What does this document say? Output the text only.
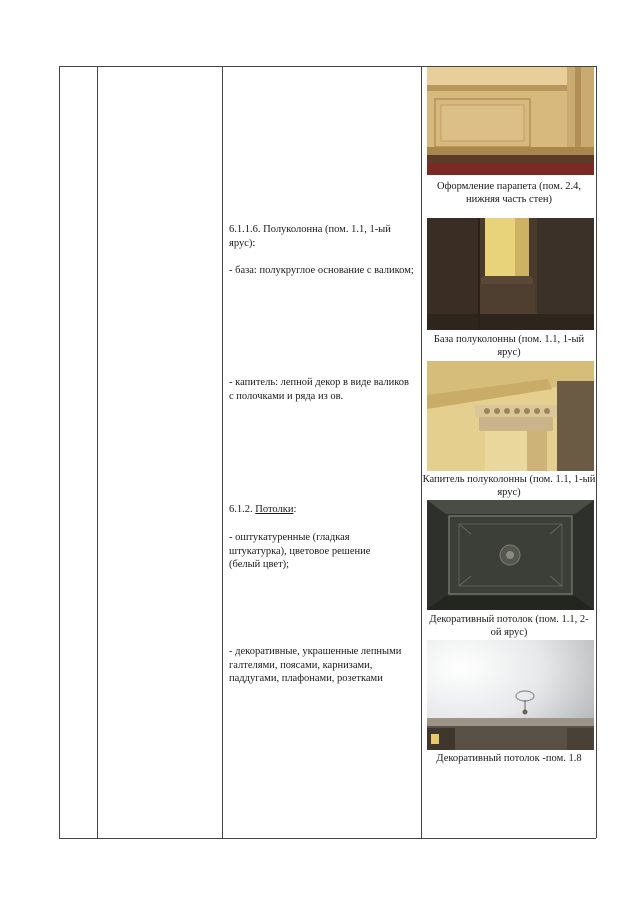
6.1.1.6. Полуколонна (пом. 1.1, 1-ый ярус):
- база: полукруглое основание с валиком;
- капитель: лепной декор в виде валиков с полочками и ряда из ов.
6.1.2. Потолки:
- оштукатуренные (гладкая штукатурка), цветовое решение (белый цвет);
- декоративные, украшенные лепными галтелями, поясами, карнизами, паддугами, плафонами, розетками
Оформление парапета (пом. 2.4, нижняя часть стен)
База полуколонны (пом. 1.1, 1-ый ярус)
Капитель полуколонны (пом. 1.1, 1-ый ярус)
Декоративный потолок (пом. 1.1, 2-ой ярус)
Декоративный потолок -пом. 1.8
